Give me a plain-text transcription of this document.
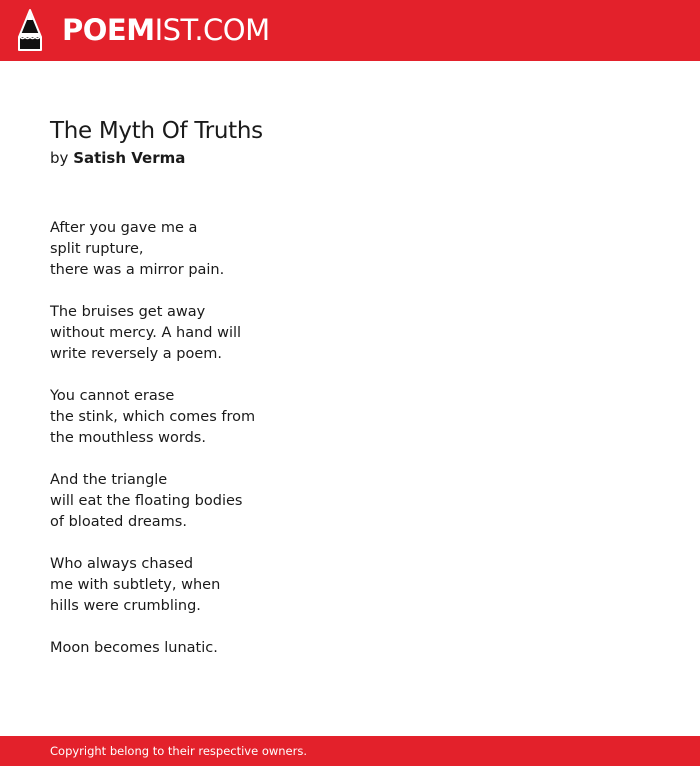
POEMIST.COM
The Myth Of Truths
by Satish Verma
After you gave me a
split rupture,
there was a mirror pain.
The bruises get away
without mercy. A hand will
write reversely a poem.
You cannot erase
the stink, which comes from
the mouthless words.
And the triangle
will eat the floating bodies
of bloated dreams.
Who always chased
me with subtlety, when
hills were crumbling.
Moon becomes lunatic.
Copyright belong to their respective owners.
